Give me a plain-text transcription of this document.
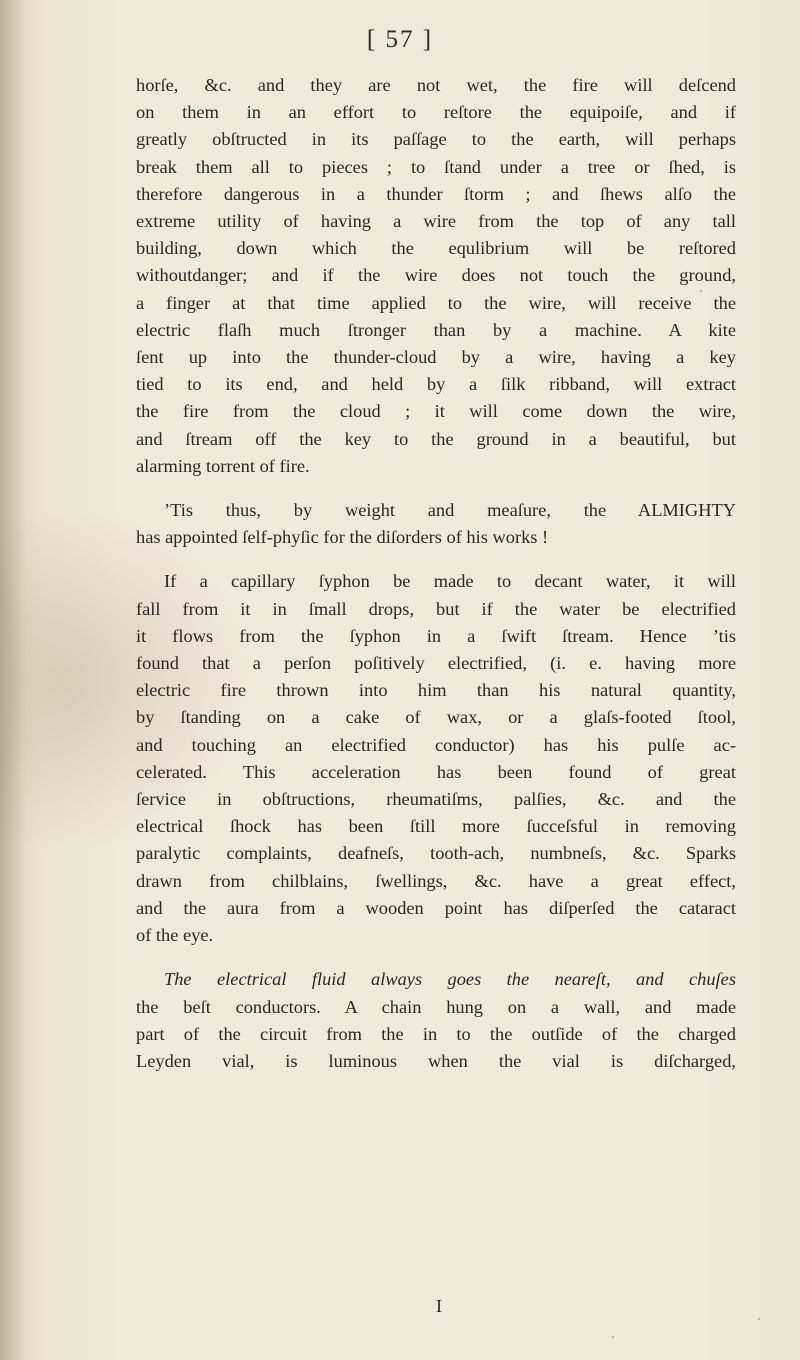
[ 57 ]

horſe, &c. and they are not wet, the fire will deſcend
on them in an effort to reſtore the equipoiſe, and if
greatly obſtructed in its paſſage to the earth, will perhaps
break them all to pieces ; to ſtand under a tree or ſhed, is
therefore dangerous in a thunder ſtorm ; and ſhews alſo the
extreme utility of having a wire from the top of any tall
building, down which the equlibrium will be reſtored
withoutdanger; and if the wire does not touch the ground,
a finger at that time applied to the wire, will receive the
electric flaſh much ſtronger than by a machine. A kite
ſent up into the thunder-cloud by a wire, having a key
tied to its end, and held by a ſilk ribband, will extract
the fire from the cloud ; it will come down the wire,
and ſtream off the key to the ground in a beautiful, but
alarming torrent of fire.

’Tis thus, by weight and meaſure, the ALMIGHTY
has appointed ſelf-phyſic for the diſorders of his works !

If a capillary ſyphon be made to decant water, it will
fall from it in ſmall drops, but if the water be electrified
it flows from the ſyphon in a ſwift ſtream. Hence ’tis
found that a perſon poſitively electrified, (i. e. having more
electric fire thrown into him than his natural quantity,
by ſtanding on a cake of wax, or a glaſs-footed ſtool,
and touching an electrified conductor) has his pulſe ac-
celerated. This acceleration has been found of great
ſervice in obſtructions, rheumatiſms, palſies, &c. and the
electrical ſhock has been ſtill more ſucceſsful in removing
paralytic complaints, deafneſs, tooth-ach, numbneſs, &c. Sparks
drawn from chilblains, ſwellings, &c. have a great effect,
and the aura from a wooden point has diſperſed the cataract
of the eye.

The electrical fluid always goes the neareſt, and chuſes
the beſt conductors. A chain hung on a wall, and made
part of the circuit from the in to the outſide of the charged
Leyden vial, is luminous when the vial is diſcharged,

I
